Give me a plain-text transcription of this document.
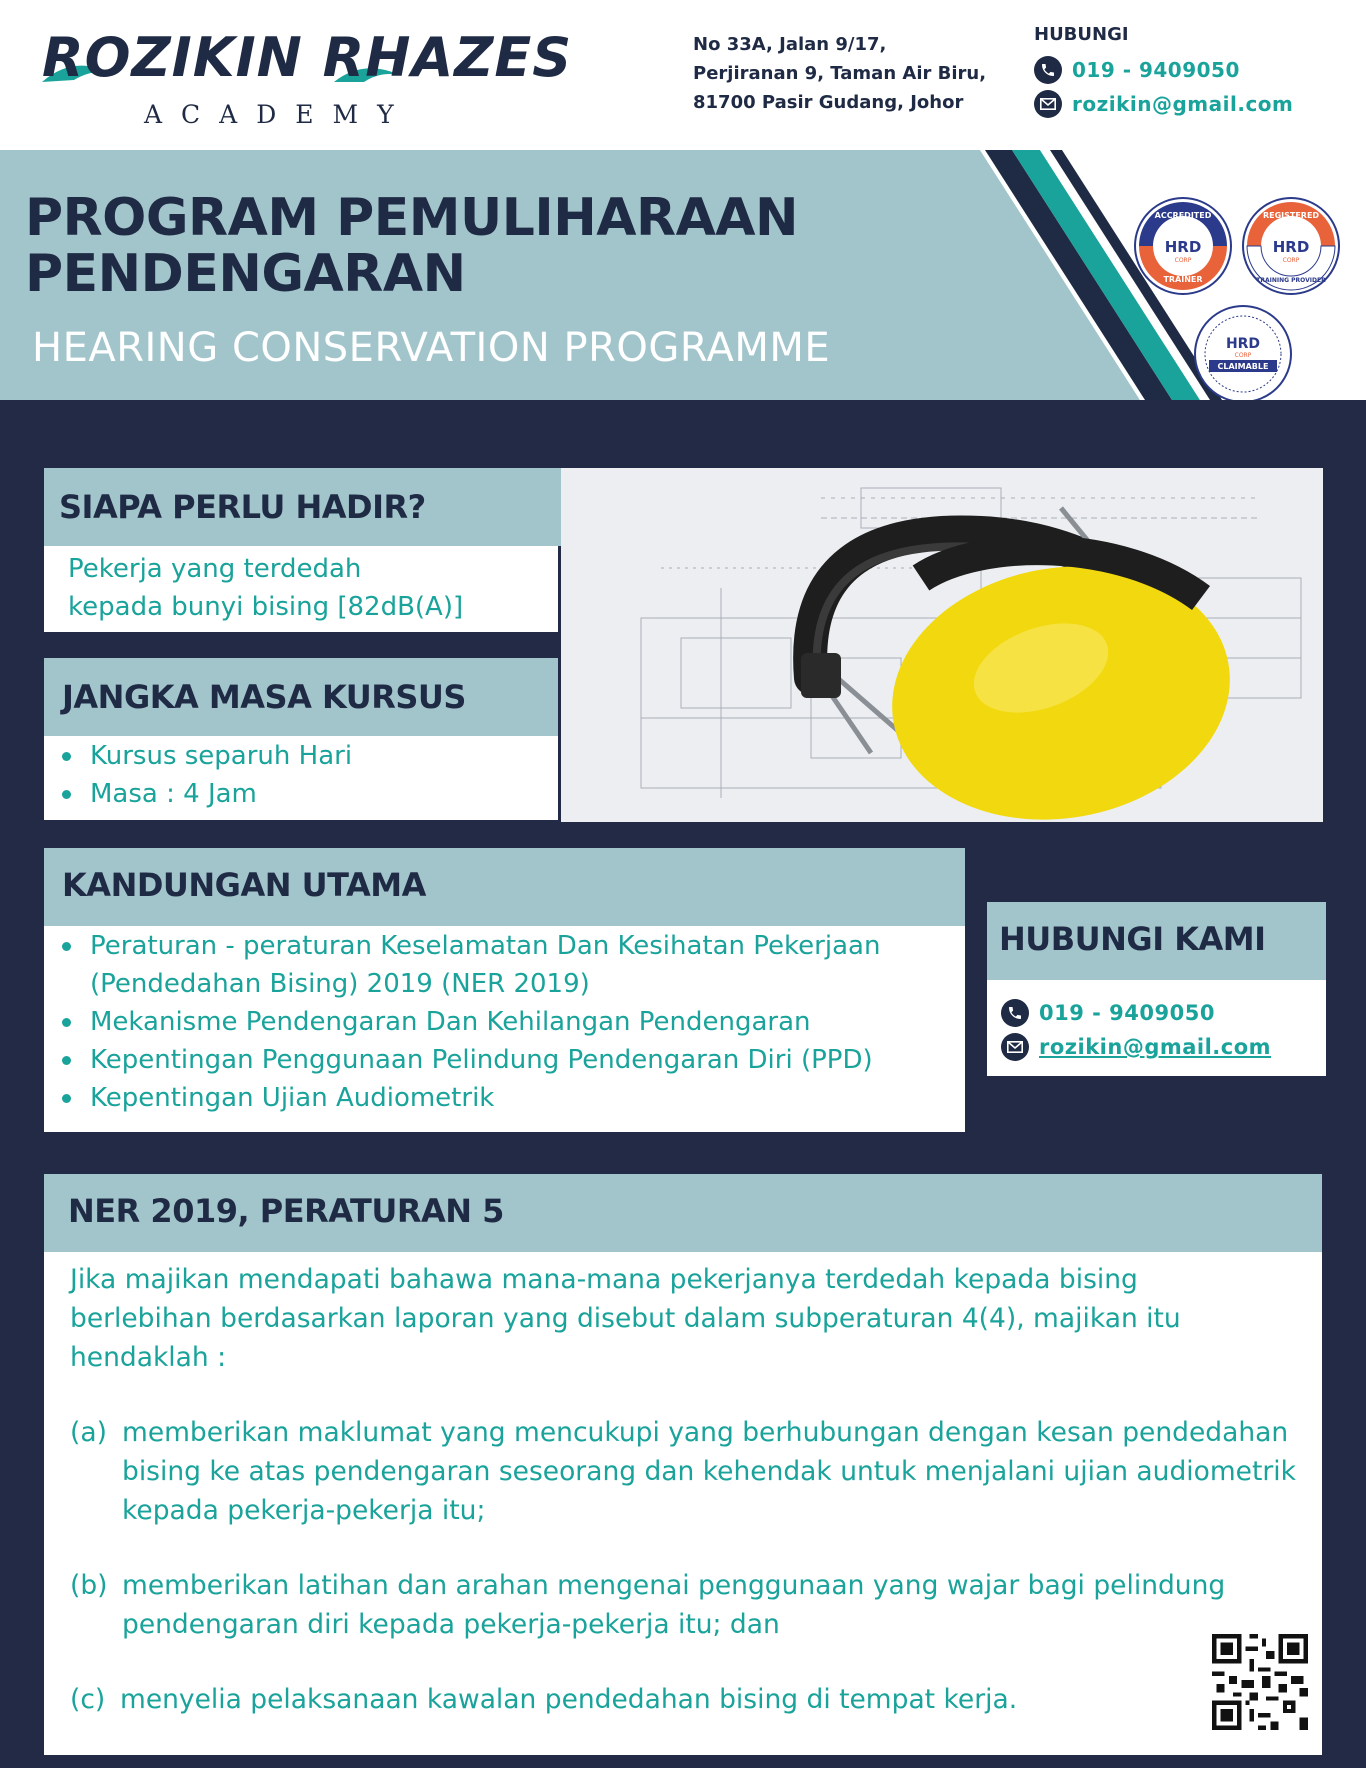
ROZIKIN RHAZES
ACADEMY
No 33A, Jalan 9/17,
Perjiranan 9, Taman Air Biru,
81700 Pasir Gudang, Johor
HUBUNGI
019 - 9409050
rozikin@gmail.com
PROGRAM PEMULIHARAAN
PENDENGARAN
HEARING CONSERVATION PROGRAMME
HRD
ACCREDITED
TRAINER
CORP
HRD
REGISTERED
TRAINING PROVIDER
CORP
HRD
CORP
CLAIMABLE
SIAPA PERLU HADIR?
Pekerja yang terdedah
kepada bunyi bising [82dB(A)]
JANGKA MASA KURSUS
Kursus separuh Hari
Masa : 4 Jam
KANDUNGAN UTAMA
Peraturan - peraturan Keselamatan Dan Kesihatan Pekerjaan (Pendedahan Bising) 2019 (NER 2019)
Mekanisme Pendengaran Dan Kehilangan Pendengaran
Kepentingan Penggunaan Pelindung Pendengaran Diri (PPD)
Kepentingan Ujian Audiometrik
HUBUNGI KAMI
019 - 9409050
rozikin@gmail.com
NER 2019, PERATURAN 5
Jika majikan mendapati bahawa mana-mana pekerjanya terdedah kepada bising berlebihan berdasarkan laporan yang disebut dalam subperaturan 4(4), majikan itu hendaklah :
(a) memberikan maklumat yang mencukupi yang berhubungan dengan kesan pendedahan bising ke atas pendengaran seseorang dan kehendak untuk menjalani ujian audiometrik kepada pekerja-pekerja itu;
(b) memberikan latihan dan arahan mengenai penggunaan yang wajar bagi pelindung pendengaran diri kepada pekerja-pekerja itu; dan
(c) menyelia pelaksanaan kawalan pendedahan bising di tempat kerja.
